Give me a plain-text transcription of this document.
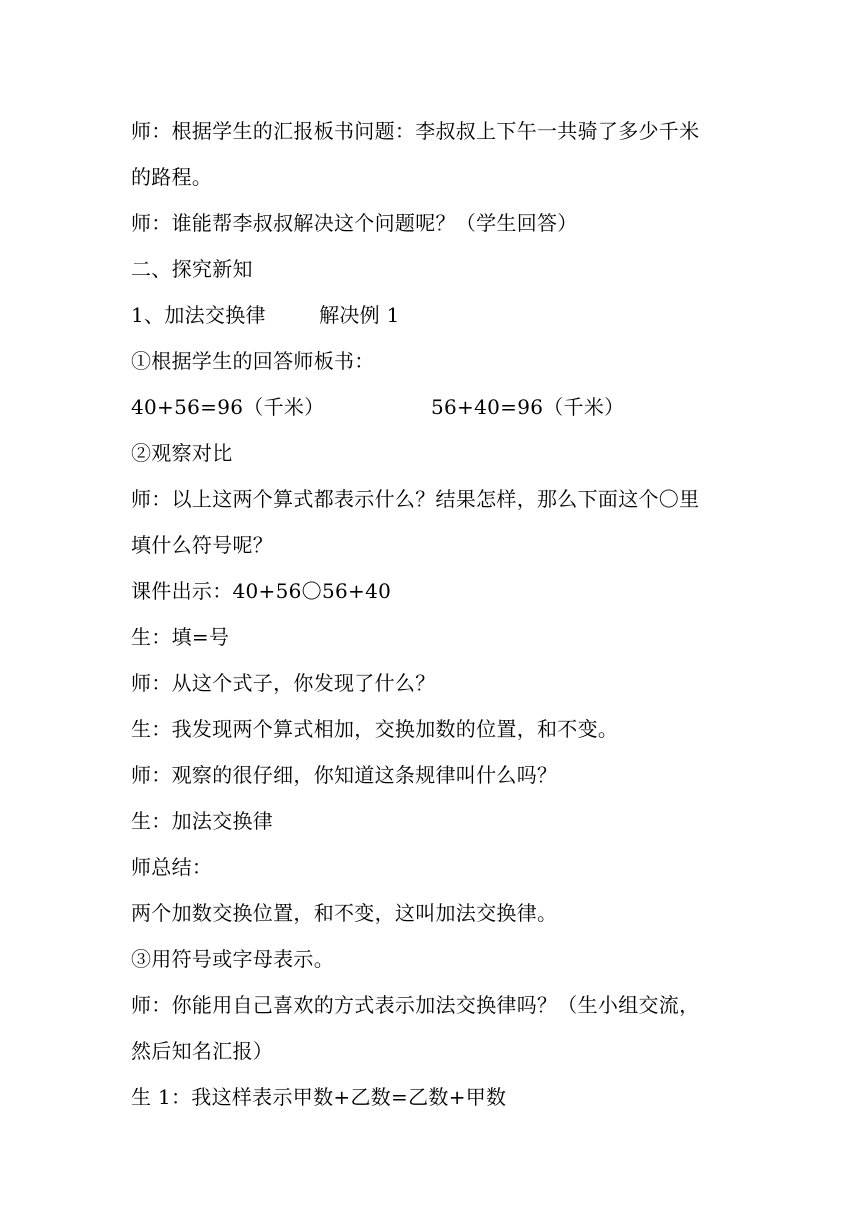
师：根据学生的汇报板书问题：李叔叔上下午一共骑了多少千米
的路程。
师：谁能帮李叔叔解决这个问题呢？（学生回答）
二、探究新知
1、加法交换律        解决例 1
①根据学生的回答师板书：
40+56=96（千米）                56+40=96（千米）
②观察对比
师：以上这两个算式都表示什么？结果怎样，那么下面这个〇里
填什么符号呢？
课件出示：40+56〇56+40
生：填=号
师：从这个式子，你发现了什么？
生：我发现两个算式相加，交换加数的位置，和不变。
师：观察的很仔细，你知道这条规律叫什么吗？
生：加法交换律
师总结：
两个加数交换位置，和不变，这叫加法交换律。
③用符号或字母表示。
师：你能用自己喜欢的方式表示加法交换律吗？（生小组交流，
然后知名汇报）
生 1：我这样表示甲数+乙数=乙数+甲数
